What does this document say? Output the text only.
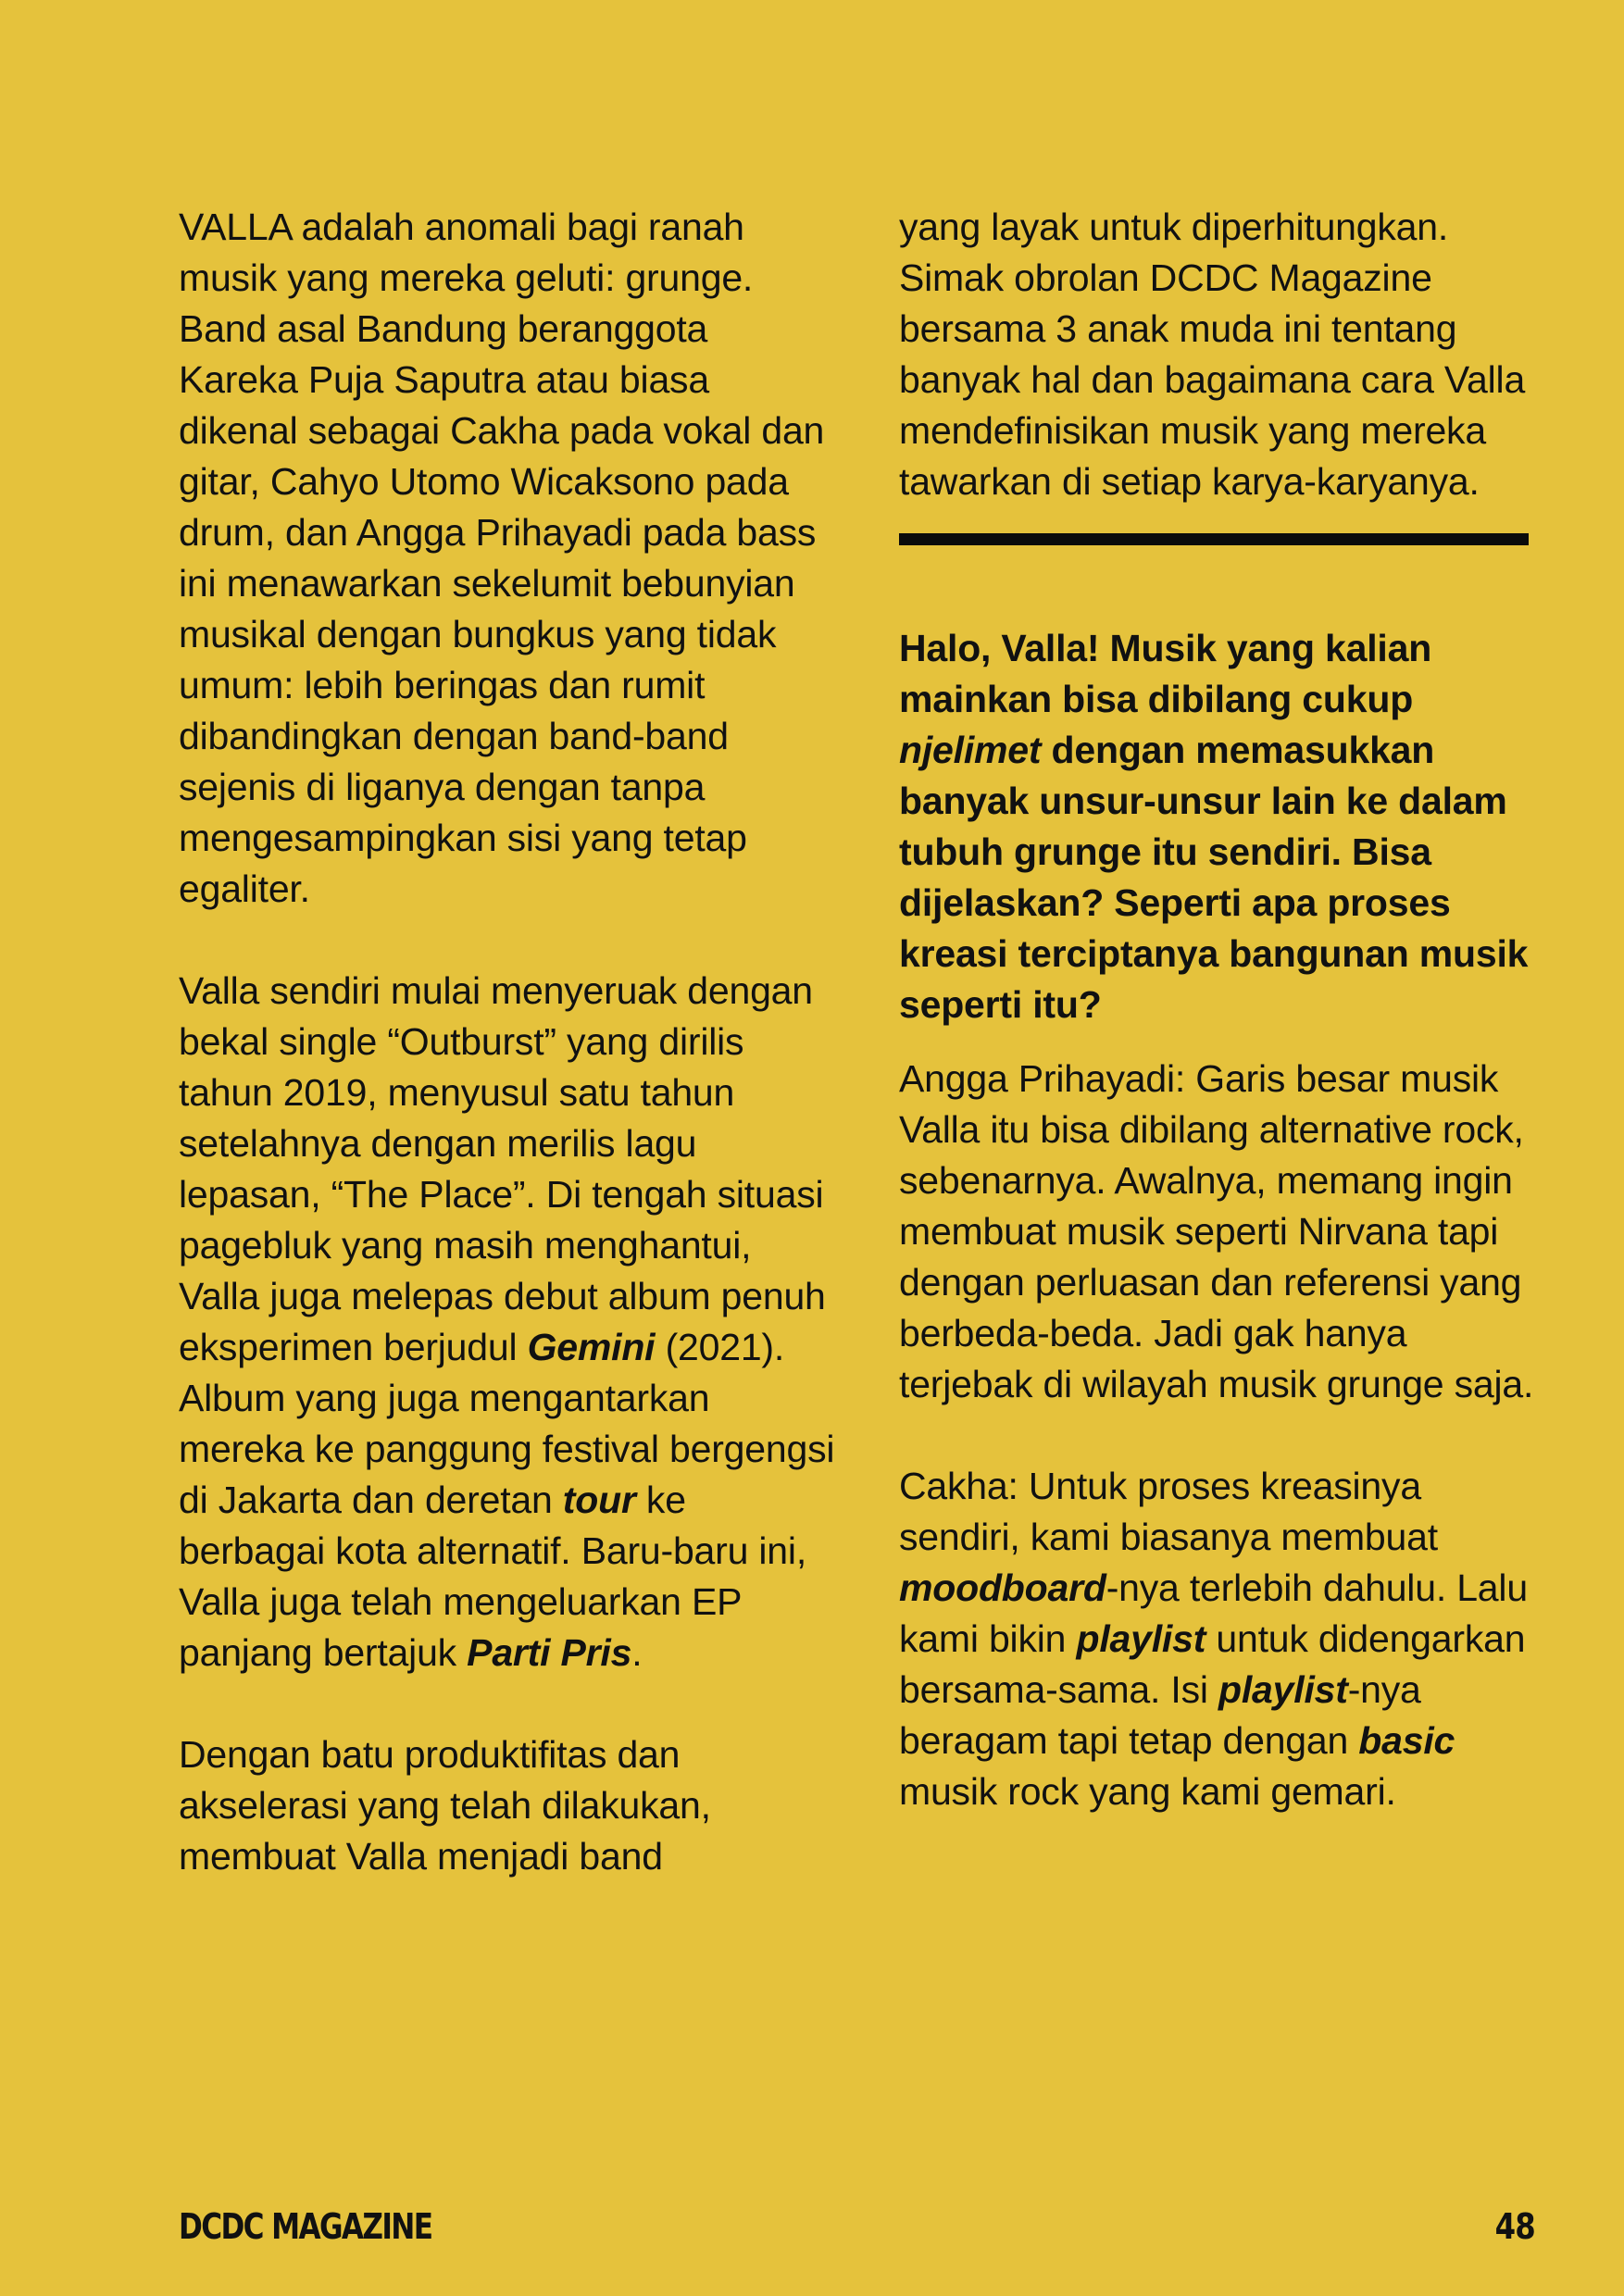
VALLA adalah anomali bagi ranah musik yang mereka geluti: grunge. Band asal Bandung beranggota Kareka Puja Saputra atau biasa dikenal sebagai Cakha pada vokal dan gitar, Cahyo Utomo Wicaksono pada drum, dan Angga Prihayadi pada bass ini menawarkan sekelumit bebunyian musikal dengan bungkus yang tidak umum: lebih beringas dan rumit dibandingkan dengan band-band sejenis di liganya dengan tanpa mengesampingkan sisi yang tetap egaliter.

Valla sendiri mulai menyeruak dengan bekal single “Outburst” yang dirilis tahun 2019, menyusul satu tahun setelahnya dengan merilis lagu lepasan, “The Place”. Di tengah situasi pagebluk yang masih menghantui, Valla juga melepas debut album penuh eksperimen berjudul Gemini (2021). Album yang juga mengantarkan mereka ke panggung festival bergengsi di Jakarta dan deretan tour ke berbagai kota alternatif. Baru-baru ini, Valla juga telah mengeluarkan EP panjang bertajuk Parti Pris.

Dengan batu produktifitas dan akselerasi yang telah dilakukan, membuat Valla menjadi band

yang layak untuk diperhitungkan. Simak obrolan DCDC Magazine bersama 3 anak muda ini tentang banyak hal dan bagaimana cara Valla mendefinisikan musik yang mereka tawarkan di setiap karya-karyanya.

Halo, Valla! Musik yang kalian mainkan bisa dibilang cukup njelimet dengan memasukkan banyak unsur-unsur lain ke dalam tubuh grunge itu sendiri. Bisa dijelaskan? Seperti apa proses kreasi terciptanya bangunan musik seperti itu?

Angga Prihayadi: Garis besar musik Valla itu bisa dibilang alternative rock, sebenarnya. Awalnya, memang ingin membuat musik seperti Nirvana tapi dengan perluasan dan referensi yang berbeda-beda. Jadi gak hanya terjebak di wilayah musik grunge saja.

Cakha: Untuk proses kreasinya sendiri, kami biasanya membuat moodboard-nya terlebih dahulu. Lalu kami bikin playlist untuk didengarkan bersama-sama. Isi playlist-nya beragam tapi tetap dengan basic musik rock yang kami gemari.

DCDC MAGAZINE	48
